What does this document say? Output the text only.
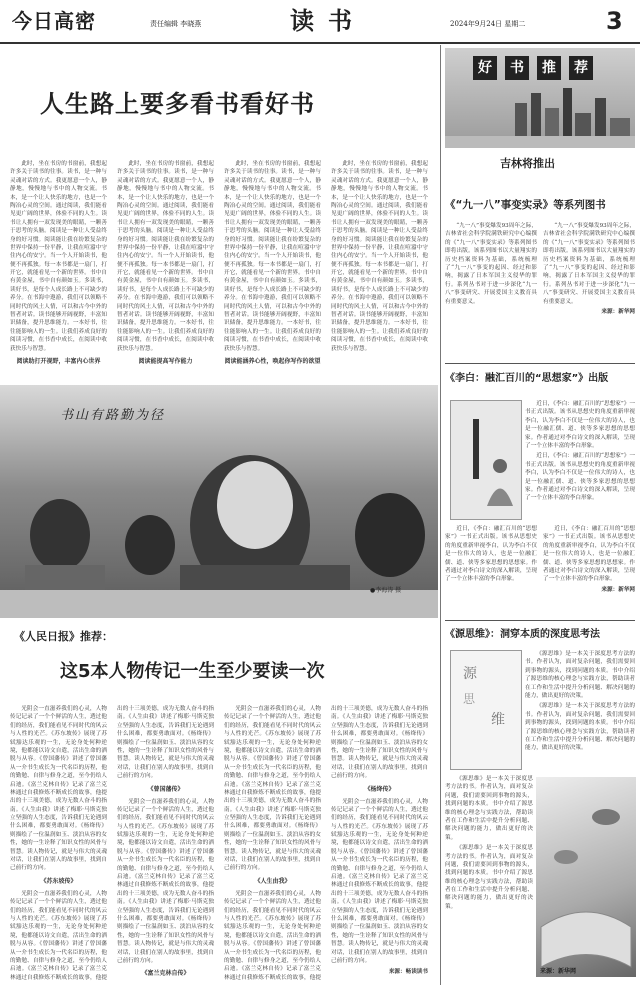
今日高密	责任编辑 李晓燕	读书	2024年9月24日 星期二	3
人生路上要多看书看好书

此时，坐在书房的书窗前，我想起许多关于读书的往事。读书，是一种与灵魂对话的方式。我更愿意一个人，静静地，慢慢地与书中的人物交流。书本，是一个让人快乐的地方，也是一个陶冶心灵的空间。通过阅读，我们能看见更广阔的世界，体验不同的人生。读书让人拥有一双发现美的眼睛，一颗善于思考的头脑。阅读是一种让人受益终身的好习惯。阅读能让我在纷繁复杂的世界中保持一份平静，让我在喧嚣中守住内心的安宁。当一个人开始读书，他便不再孤独。每一本书都是一扇门，打开它，就能看见一个新的世界。书中自有黄金屋，书中自有颜如玉。多读书，读好书，是每个人成长路上不可缺少的养分。在书海中遨游，我们可以领略不同时代的风土人情，可以和古今中外的智者对话。读书能够开阔视野，丰富知识储备，提升思维能力。一本好书，往往能影响人的一生。让我们养成良好的阅读习惯，在书香中成长，在阅读中收获快乐与智慧。

阅读助打开视野，丰富内心世界

此时，坐在书房的书窗前，我想起许多关于读书的往事。读书，是一种与灵魂对话的方式。我更愿意一个人，静静地，慢慢地与书中的人物交流。书本，是一个让人快乐的地方，也是一个陶冶心灵的空间。通过阅读，我们能看见更广阔的世界，体验不同的人生。读书让人拥有一双发现美的眼睛，一颗善于思考的头脑。阅读是一种让人受益终身的好习惯。阅读能让我在纷繁复杂的世界中保持一份平静，让我在喧嚣中守住内心的安宁。当一个人开始读书，他便不再孤独。每一本书都是一扇门，打开它，就能看见一个新的世界。书中自有黄金屋，书中自有颜如玉。多读书，读好书，是每个人成长路上不可缺少的养分。在书海中遨游，我们可以领略不同时代的风土人情，可以和古今中外的智者对话。读书能够开阔视野，丰富知识储备，提升思维能力。一本好书，往往能影响人的一生。让我们养成良好的阅读习惯，在书香中成长，在阅读中收获快乐与智慧。

阅读能提高写作能力

此时，坐在书房的书窗前，我想起许多关于读书的往事。读书，是一种与灵魂对话的方式。我更愿意一个人，静静地，慢慢地与书中的人物交流。书本，是一个让人快乐的地方，也是一个陶冶心灵的空间。通过阅读，我们能看见更广阔的世界，体验不同的人生。读书让人拥有一双发现美的眼睛，一颗善于思考的头脑。阅读是一种让人受益终身的好习惯。阅读能让我在纷繁复杂的世界中保持一份平静，让我在喧嚣中守住内心的安宁。当一个人开始读书，他便不再孤独。每一本书都是一扇门，打开它，就能看见一个新的世界。书中自有黄金屋，书中自有颜如玉。多读书，读好书，是每个人成长路上不可缺少的养分。在书海中遨游，我们可以领略不同时代的风土人情，可以和古今中外的智者对话。读书能够开阔视野，丰富知识储备，提升思维能力。一本好书，往往能影响人的一生。让我们养成良好的阅读习惯，在书香中成长，在阅读中收获快乐与智慧。

阅读能涵养心性，唤起你写作的欲望

此时，坐在书房的书窗前，我想起许多关于读书的往事。读书，是一种与灵魂对话的方式。我更愿意一个人，静静地，慢慢地与书中的人物交流。书本，是一个让人快乐的地方，也是一个陶冶心灵的空间。通过阅读，我们能看见更广阔的世界，体验不同的人生。读书让人拥有一双发现美的眼睛，一颗善于思考的头脑。阅读是一种让人受益终身的好习惯。阅读能让我在纷繁复杂的世界中保持一份平静，让我在喧嚣中守住内心的安宁。当一个人开始读书，他便不再孤独。每一本书都是一扇门，打开它，就能看见一个新的世界。书中自有黄金屋，书中自有颜如玉。多读书，读好书，是每个人成长路上不可缺少的养分。在书海中遨游，我们可以领略不同时代的风土人情，可以和古今中外的智者对话。读书能够开阔视野，丰富知识储备，提升思维能力。一本好书，往往能影响人的一生。让我们养成良好的阅读习惯，在书香中成长，在阅读中收获快乐与智慧。

书山有路勤为径
●李海涛 摄
《人民日报》推荐：
这5本人物传记一生至少要读一次

光阴会一直滋养我们的心灵，人物传记记录了一个个鲜活的人生，透过他们的经历，我们能看见不同时代的风云与人性的光芒。《苏东坡传》展现了苏轼豁达乐观的一生，无论身处何种逆境，他都能以诗文自遣，活出生命的洒脱与从容。《曾国藩传》讲述了曾国藩从一介书生成长为一代名臣的历程，他的勤勉、自律与修身之道，至今仍给人启迪。《富兰克林自传》记录了富兰克林通过自我修炼不断成长的故事，他提出的十三项美德，成为无数人奋斗的指南。《人生由我》讲述了梅耶·马斯克独立坚强的人生态度，告诉我们无论遇到什么困难，都要勇敢面对。《杨绛传》则描绘了一位温润如玉、淡泊从容的女性，她的一生诠释了知识女性的风骨与智慧。读人物传记，就是与伟大的灵魂对话，让我们在别人的故事里，找到自己前行的方向。

《苏东坡传》

光阴会一直滋养我们的心灵，人物传记记录了一个个鲜活的人生，透过他们的经历，我们能看见不同时代的风云与人性的光芒。《苏东坡传》展现了苏轼豁达乐观的一生，无论身处何种逆境，他都能以诗文自遣，活出生命的洒脱与从容。《曾国藩传》讲述了曾国藩从一介书生成长为一代名臣的历程，他的勤勉、自律与修身之道，至今仍给人启迪。《富兰克林自传》记录了富兰克林通过自我修炼不断成长的故事，他提出的十三项美德，成为无数人奋斗的指南。《人生由我》讲述了梅耶·马斯克独立坚强的人生态度，告诉我们无论遇到什么困难，都要勇敢面对。《杨绛传》则描绘了一位温润如玉、淡泊从容的女性，她的一生诠释了知识女性的风骨与智慧。读人物传记，就是与伟大的灵魂对话，让我们在别人的故事里，找到自己前行的方向。

《曾国藩传》

光阴会一直滋养我们的心灵，人物传记记录了一个个鲜活的人生，透过他们的经历，我们能看见不同时代的风云与人性的光芒。《苏东坡传》展现了苏轼豁达乐观的一生，无论身处何种逆境，他都能以诗文自遣，活出生命的洒脱与从容。《曾国藩传》讲述了曾国藩从一介书生成长为一代名臣的历程，他的勤勉、自律与修身之道，至今仍给人启迪。《富兰克林自传》记录了富兰克林通过自我修炼不断成长的故事，他提出的十三项美德，成为无数人奋斗的指南。《人生由我》讲述了梅耶·马斯克独立坚强的人生态度，告诉我们无论遇到什么困难，都要勇敢面对。《杨绛传》则描绘了一位温润如玉、淡泊从容的女性，她的一生诠释了知识女性的风骨与智慧。读人物传记，就是与伟大的灵魂对话，让我们在别人的故事里，找到自己前行的方向。

《富兰克林自传》

光阴会一直滋养我们的心灵，人物传记记录了一个个鲜活的人生，透过他们的经历，我们能看见不同时代的风云与人性的光芒。《苏东坡传》展现了苏轼豁达乐观的一生，无论身处何种逆境，他都能以诗文自遣，活出生命的洒脱与从容。《曾国藩传》讲述了曾国藩从一介书生成长为一代名臣的历程，他的勤勉、自律与修身之道，至今仍给人启迪。《富兰克林自传》记录了富兰克林通过自我修炼不断成长的故事，他提出的十三项美德，成为无数人奋斗的指南。《人生由我》讲述了梅耶·马斯克独立坚强的人生态度，告诉我们无论遇到什么困难，都要勇敢面对。《杨绛传》则描绘了一位温润如玉、淡泊从容的女性，她的一生诠释了知识女性的风骨与智慧。读人物传记，就是与伟大的灵魂对话，让我们在别人的故事里，找到自己前行的方向。

《人生由我》

光阴会一直滋养我们的心灵，人物传记记录了一个个鲜活的人生，透过他们的经历，我们能看见不同时代的风云与人性的光芒。《苏东坡传》展现了苏轼豁达乐观的一生，无论身处何种逆境，他都能以诗文自遣，活出生命的洒脱与从容。《曾国藩传》讲述了曾国藩从一介书生成长为一代名臣的历程，他的勤勉、自律与修身之道，至今仍给人启迪。《富兰克林自传》记录了富兰克林通过自我修炼不断成长的故事，他提出的十三项美德，成为无数人奋斗的指南。《人生由我》讲述了梅耶·马斯克独立坚强的人生态度，告诉我们无论遇到什么困难，都要勇敢面对。《杨绛传》则描绘了一位温润如玉、淡泊从容的女性，她的一生诠释了知识女性的风骨与智慧。读人物传记，就是与伟大的灵魂对话，让我们在别人的故事里，找到自己前行的方向。

《杨绛传》

光阴会一直滋养我们的心灵，人物传记记录了一个个鲜活的人生，透过他们的经历，我们能看见不同时代的风云与人性的光芒。《苏东坡传》展现了苏轼豁达乐观的一生，无论身处何种逆境，他都能以诗文自遣，活出生命的洒脱与从容。《曾国藩传》讲述了曾国藩从一介书生成长为一代名臣的历程，他的勤勉、自律与修身之道，至今仍给人启迪。《富兰克林自传》记录了富兰克林通过自我修炼不断成长的故事，他提出的十三项美德，成为无数人奋斗的指南。《人生由我》讲述了梅耶·马斯克独立坚强的人生态度，告诉我们无论遇到什么困难，都要勇敢面对。《杨绛传》则描绘了一位温润如玉、淡泊从容的女性，她的一生诠释了知识女性的风骨与智慧。读人物传记，就是与伟大的灵魂对话，让我们在别人的故事里，找到自己前行的方向。

来源：畅读读书
好	书	推	荐
吉林将推出
《“九一八”事变实录》等系列图书

“九一八”事变爆发93周年之际，吉林省社会科学院满铁研究中心编撰的《“九一八”事变实录》等系列图书即将出版。该系列图书以大量翔实的历史档案资料为基础，系统梳理了“九一八”事变的起因、经过和影响，揭露了日本军国主义侵华的罪行。系列丛书对于进一步深化“九一八”事变研究、开展爱国主义教育具有重要意义。

“九一八”事变爆发93周年之际，吉林省社会科学院满铁研究中心编撰的《“九一八”事变实录》等系列图书即将出版。该系列图书以大量翔实的历史档案资料为基础，系统梳理了“九一八”事变的起因、经过和影响，揭露了日本军国主义侵华的罪行。系列丛书对于进一步深化“九一八”事变研究、开展爱国主义教育具有重要意义。

来源：新华网
《李白：融汇百川的“思想家”》出版

近日，《李白：融汇百川的“思想家”》一书正式出版。该书从思想史的角度重新审视李白，认为李白不仅是一位伟大的诗人，也是一位融汇儒、道、侠等多家思想的思想家。作者通过对李白诗文的深入解读，呈现了一个立体丰富的李白形象。

近日，《李白：融汇百川的“思想家”》一书正式出版。该书从思想史的角度重新审视李白，认为李白不仅是一位伟大的诗人，也是一位融汇儒、道、侠等多家思想的思想家。作者通过对李白诗文的深入解读，呈现了一个立体丰富的李白形象。

近日，《李白：融汇百川的“思想家”》一书正式出版。该书从思想史的角度重新审视李白，认为李白不仅是一位伟大的诗人，也是一位融汇儒、道、侠等多家思想的思想家。作者通过对李白诗文的深入解读，呈现了一个立体丰富的李白形象。

近日，《李白：融汇百川的“思想家”》一书正式出版。该书从思想史的角度重新审视李白，认为李白不仅是一位伟大的诗人，也是一位融汇儒、道、侠等多家思想的思想家。作者通过对李白诗文的深入解读，呈现了一个立体丰富的李白形象。

来源：新华网
《源思维》：洞穿本质的深度思考法
源
维
思

《源思维》是一本关于深度思考方法的书。作者认为，面对复杂问题，我们需要回到事物的源头，找到问题的本质。书中介绍了源思维的核心理念与实践方法，帮助读者在工作和生活中提升分析问题、解决问题的能力，做出更好的决策。

《源思维》是一本关于深度思考方法的书。作者认为，面对复杂问题，我们需要回到事物的源头，找到问题的本质。书中介绍了源思维的核心理念与实践方法，帮助读者在工作和生活中提升分析问题、解决问题的能力，做出更好的决策。

《源思维》是一本关于深度思考方法的书。作者认为，面对复杂问题，我们需要回到事物的源头，找到问题的本质。书中介绍了源思维的核心理念与实践方法，帮助读者在工作和生活中提升分析问题、解决问题的能力，做出更好的决策。

《源思维》是一本关于深度思考方法的书。作者认为，面对复杂问题，我们需要回到事物的源头，找到问题的本质。书中介绍了源思维的核心理念与实践方法，帮助读者在工作和生活中提升分析问题、解决问题的能力，做出更好的决策。

来源：新华网
